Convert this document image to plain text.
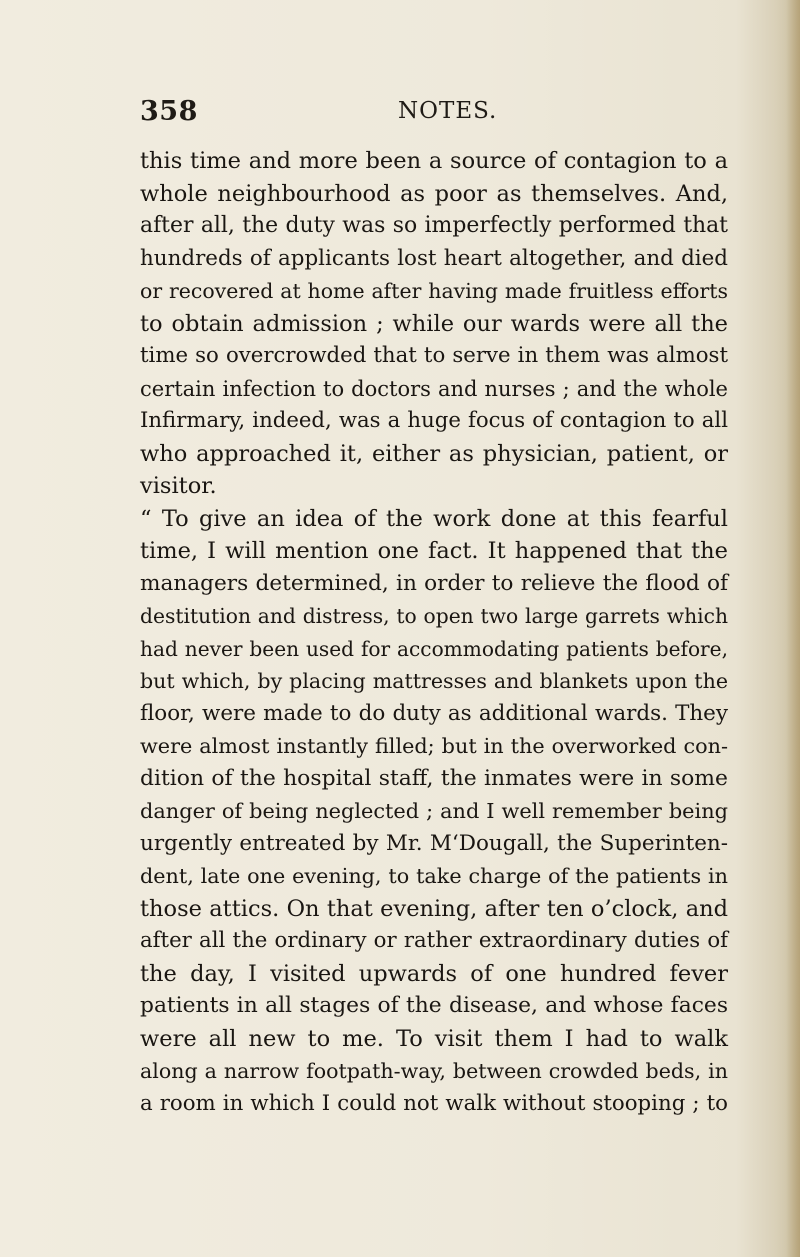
358	NOTES.
this time and more been a source of contagion to a
whole neighbourhood as poor as themselves. And,
after all, the duty was so imperfectly performed that
hundreds of applicants lost heart altogether, and died
or recovered at home after having made fruitless efforts
to obtain admission ; while our wards were all the
time so overcrowded that to serve in them was almost
certain infection to doctors and nurses ; and the whole
Infirmary, indeed, was a huge focus of contagion to all
who approached it, either as physician, patient, or
visitor.
“ To give an idea of the work done at this fearful
time, I will mention one fact. It happened that the
managers determined, in order to relieve the flood of
destitution and distress, to open two large garrets which
had never been used for accommodating patients before,
but which, by placing mattresses and blankets upon the
floor, were made to do duty as additional wards. They
were almost instantly filled; but in the overworked con-
dition of the hospital staff, the inmates were in some
danger of being neglected ; and I well remember being
urgently entreated by Mr. M‘Dougall, the Superinten-
dent, late one evening, to take charge of the patients in
those attics. On that evening, after ten o’clock, and
after all the ordinary or rather extraordinary duties of
the day, I visited upwards of one hundred fever
patients in all stages of the disease, and whose faces
were all new to me. To visit them I had to walk
along a narrow footpath-way, between crowded beds, in
a room in which I could not walk without stooping ; to
